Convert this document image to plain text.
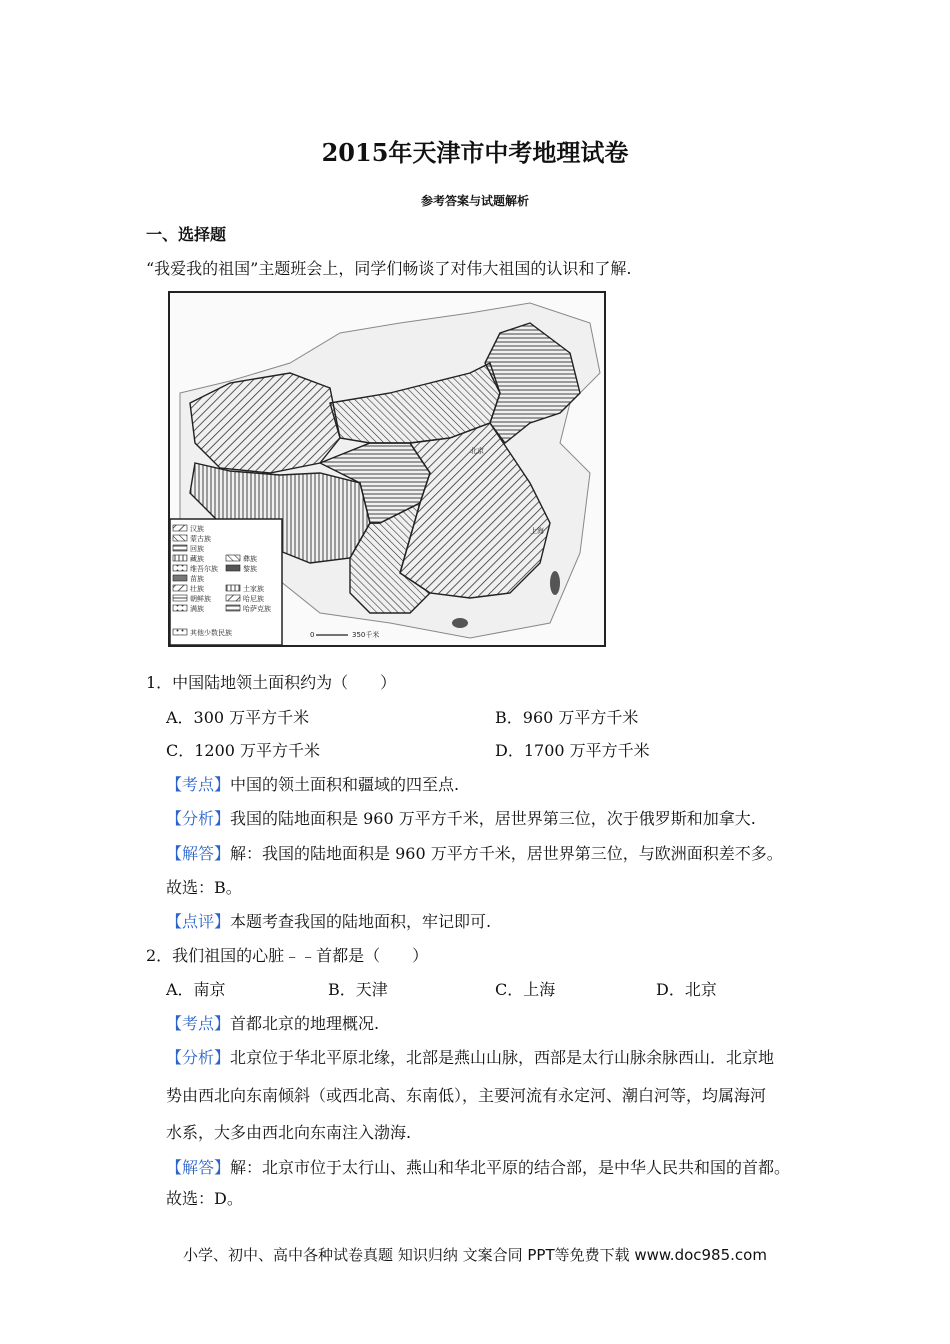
2015年天津市中考地理试卷
参考答案与试题解析
一、选择题
“我爱我的祖国”主题班会上，同学们畅谈了对伟大祖国的认识和了解.
北京
上海
汉族
蒙古族
回族
藏族
维吾尔族
苗族
壮族
朝鲜族
满族
彝族
黎族
土家族
哈尼族
哈萨克族
其他少数民族	0	350千米
1．中国陆地领土面积约为（　　）
A．300 万平方千米	B．960 万平方千米
C．1200 万平方千米	D．1700 万平方千米
【考点】中国的领土面积和疆域的四至点.
【分析】我国的陆地面积是 960 万平方千米，居世界第三位，次于俄罗斯和加拿大.
【解答】解：我国的陆地面积是 960 万平方千米，居世界第三位，与欧洲面积差不多。
故选：B。
【点评】本题考查我国的陆地面积，牢记即可.
2．我们祖国的心脏﹣﹣首都是（　　）
A．南京	B．天津	C．上海	D．北京
【考点】首都北京的地理概况.
【分析】北京位于华北平原北缘，北部是燕山山脉，西部是太行山脉余脉西山．北京地
势由西北向东南倾斜（或西北高、东南低），主要河流有永定河、潮白河等，均属海河
水系，大多由西北向东南注入渤海.
【解答】解：北京市位于太行山、燕山和华北平原的结合部，是中华人民共和国的首都。
故选：D。
小学、初中、高中各种试卷真题 知识归纳 文案合同 PPT等免费下载 www.doc985.com
